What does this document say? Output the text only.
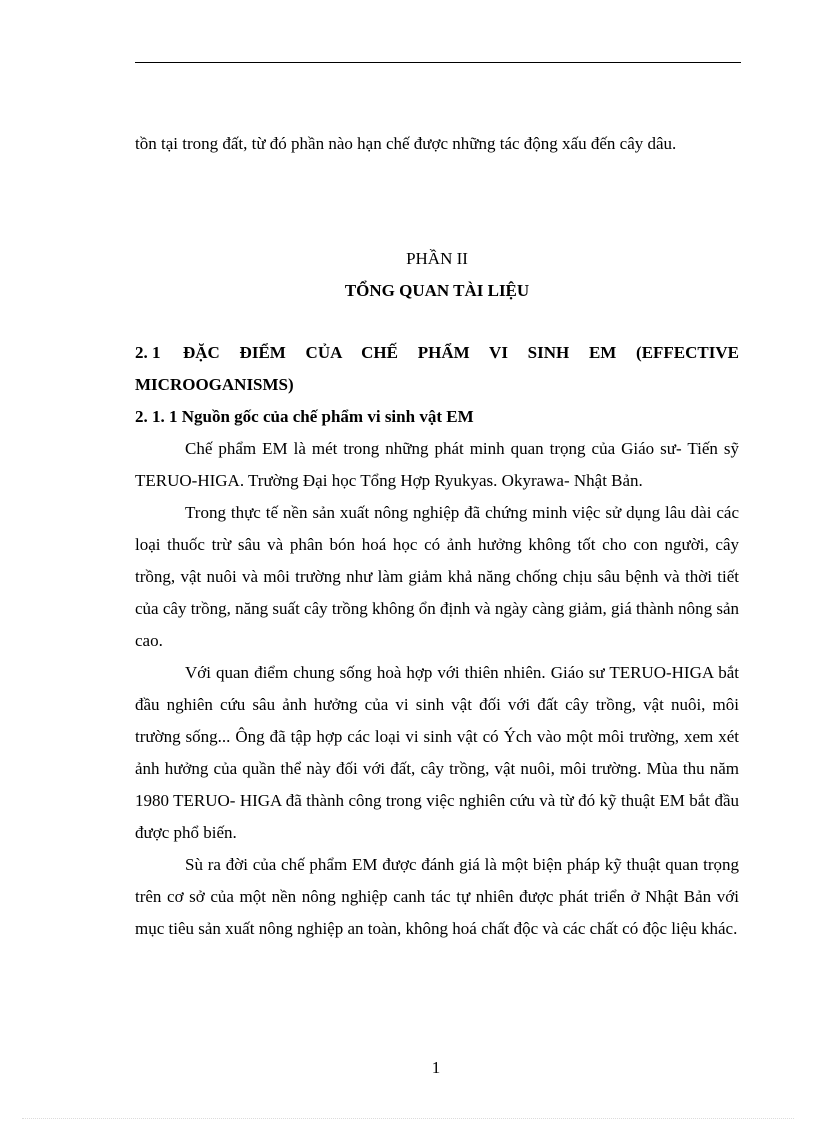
tồn tại trong đất, từ đó phần nào hạn chế được những tác động xấu đến cây dâu.

PHẦN II

TỔNG QUAN TÀI LIỆU

2. 1 ĐẶC ĐIỂM CỦA CHẾ PHẨM VI SINH EM (EFFECTIVE MICROOGANISMS)

2. 1. 1 Nguồn gốc của chế phẩm vi sinh vật EM

Chế phẩm EM là mét trong những phát minh quan trọng của Giáo sư- Tiến sỹ TERUO-HIGA. Trường Đại học Tổng Hợp Ryukyas. Okyrawa- Nhật Bản.

Trong thực tế nền sản xuất nông nghiệp đã chứng minh việc sử dụng lâu dài các loại thuốc trừ sâu và phân bón hoá học có ảnh hưởng không tốt cho con người, cây trồng, vật nuôi và môi trường như làm giảm khả năng chống chịu sâu bệnh và thời tiết của cây trồng, năng suất cây trồng không ổn định và ngày càng giảm, giá thành nông sản cao.

Với quan điểm chung sống hoà hợp với thiên nhiên. Giáo sư TERUO-HIGA bắt đầu nghiên cứu sâu ảnh hưởng của vi sinh vật đối với đất cây trồng, vật nuôi, môi trường sống... Ông đã tập hợp các loại vi sinh vật có Ých vào một môi trường, xem xét ảnh hưởng của quần thể này đối với đất, cây trồng, vật nuôi, môi trường. Mùa thu năm 1980 TERUO- HIGA đã thành công trong việc nghiên cứu và từ đó kỹ thuật EM bắt đầu được phổ biến.

Sù ra đời của chế phẩm EM được đánh giá là một biện pháp kỹ thuật quan trọng trên cơ sở của một nền nông nghiệp canh tác tự nhiên được phát triển ở Nhật Bản với mục tiêu sản xuất nông nghiệp an toàn, không hoá chất độc và các chất có độc liệu khác.

1
